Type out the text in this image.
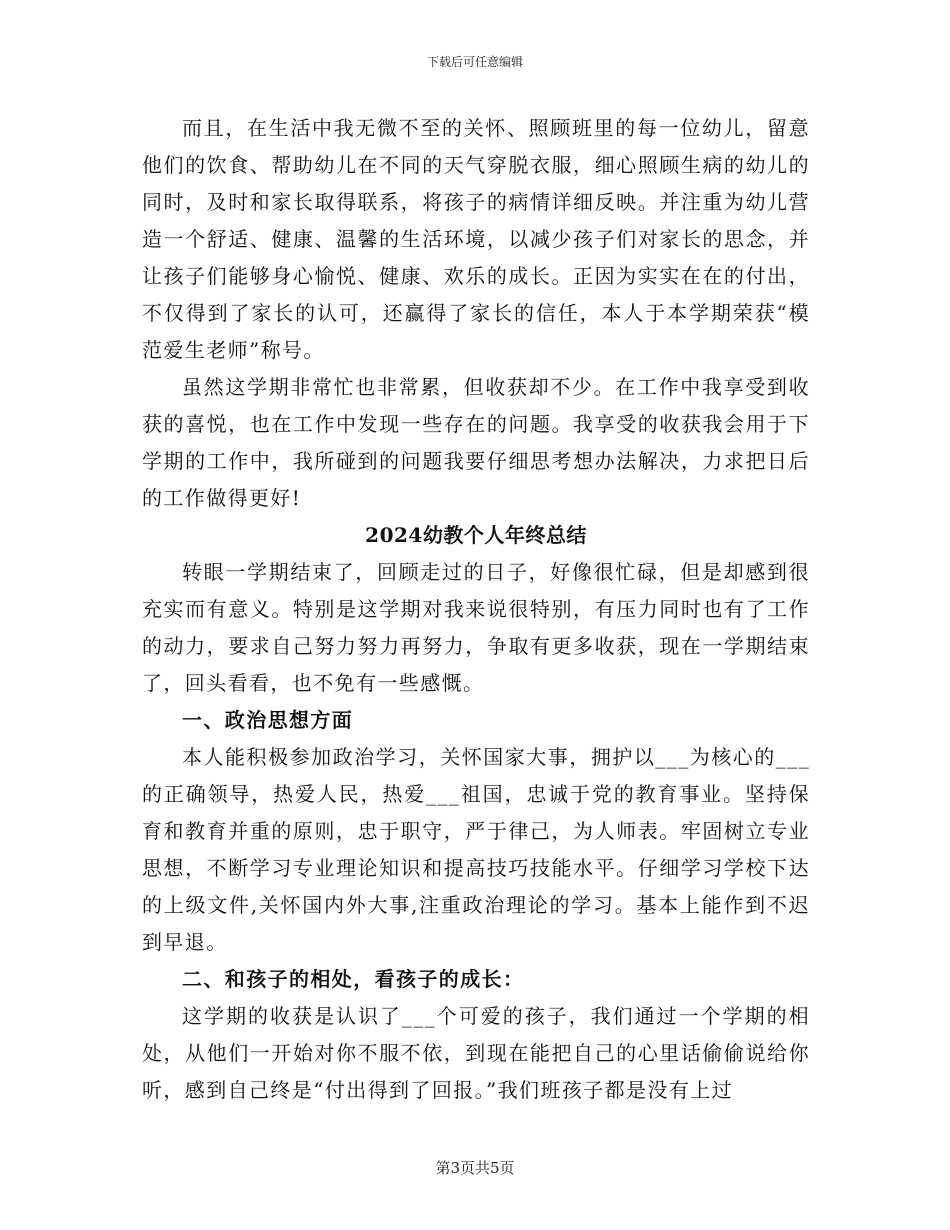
下载后可任意编辑

而且，在生活中我无微不至的关怀、照顾班里的每一位幼儿，留意他们的饮食、帮助幼儿在不同的天气穿脱衣服，细心照顾生病的幼儿的同时，及时和家长取得联系，将孩子的病情详细反映。并注重为幼儿营造一个舒适、健康、温馨的生活环境，以减少孩子们对家长的思念，并让孩子们能够身心愉悦、健康、欢乐的成长。正因为实实在在的付出，不仅得到了家长的认可，还赢得了家长的信任，本人于本学期荣获“模范爱生老师”称号。

虽然这学期非常忙也非常累，但收获却不少。在工作中我享受到收获的喜悦，也在工作中发现一些存在的问题。我享受的收获我会用于下学期的工作中，我所碰到的问题我要仔细思考想办法解决，力求把日后的工作做得更好!

2024幼教个人年终总结

转眼一学期结束了，回顾走过的日子，好像很忙碌，但是却感到很充实而有意义。特别是这学期对我来说很特别，有压力同时也有了工作的动力，要求自己努力努力再努力，争取有更多收获，现在一学期结束了，回头看看，也不免有一些感慨。

一、政治思想方面

本人能积极参加政治学习，关怀国家大事，拥护以___为核心的___的正确领导，热爱人民，热爱___祖国，忠诚于党的教育事业。坚持保育和教育并重的原则，忠于职守，严于律己，为人师表。牢固树立专业思想，不断学习专业理论知识和提高技巧技能水平。仔细学习学校下达的上级文件,关怀国内外大事,注重政治理论的学习。基本上能作到不迟到早退。

二、和孩子的相处，看孩子的成长：

这学期的收获是认识了___个可爱的孩子，我们通过一个学期的相处，从他们一开始对你不服不依，到现在能把自己的心里话偷偷说给你听，感到自己终是“付出得到了回报。”我们班孩子都是没有上过

第3页共5页
